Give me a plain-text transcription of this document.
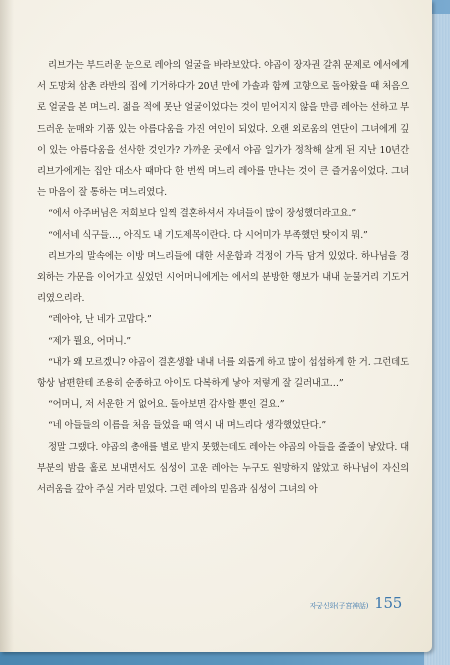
리브가는 부드러운 눈으로 레아의 얼굴을 바라보았다. 야곱이 장자권 갈취 문제로 에서에게서 도망쳐 삼촌 라반의 집에 기거하다가 20년 만에 가솔과 함께 고향으로 돌아왔을 때 처음으로 얼굴을 본 며느리. 젊을 적에 못난 얼굴이었다는 것이 믿어지지 않을 만큼 레아는 선하고 부드러운 눈매와 기품 있는 아름다움을 가진 여인이 되었다. 오랜 외로움의 연단이 그녀에게 깊이 있는 아름다움을 선사한 것인가? 가까운 곳에서 야곱 일가가 정착해 살게 된 지난 10년간 리브가에게는 집안 대소사 때마다 한 번씩 며느리 레아를 만나는 것이 큰 즐거움이었다. 그녀는 마음이 잘 통하는 며느리였다.

“에서 아주버님은 저희보다 일찍 결혼하셔서 자녀들이 많이 장성했더라고요.”

“에서네 식구들…, 아직도 내 기도제목이란다. 다 시어미가 부족했던 탓이지 뭐.”

리브가의 말속에는 이방 며느리들에 대한 서운함과 걱정이 가득 담겨 있었다. 하나님을 경외하는 가문을 이어가고 싶었던 시어머니에게는 에서의 분방한 행보가 내내 눈물거리 기도거리였으리라.

“레아야, 난 네가 고맙다.”

“제가 뭘요, 어머니.”

“내가 왜 모르겠니? 야곱이 결혼생활 내내 너를 외롭게 하고 많이 섭섭하게 한 거. 그런데도 항상 남편한테 조용히 순종하고 아이도 다복하게 낳아 저렇게 잘 길러내고…”

“어머니, 저 서운한 거 없어요. 돌아보면 감사할 뿐인 걸요.”

“네 아들들의 이름을 처음 들었을 때 역시 내 며느리다 생각했었단다.”

정말 그랬다. 야곱의 총애를 별로 받지 못했는데도 레아는 야곱의 아들을 줄줄이 낳았다. 대부분의 밤을 홀로 보내면서도 심성이 고운 레아는 누구도 원망하지 않았고 하나님이 자신의 서러움을 갚아 주실 거라 믿었다. 그런 레아의 믿음과 심성이 그녀의 아

자궁신화(子宮神話) 155
